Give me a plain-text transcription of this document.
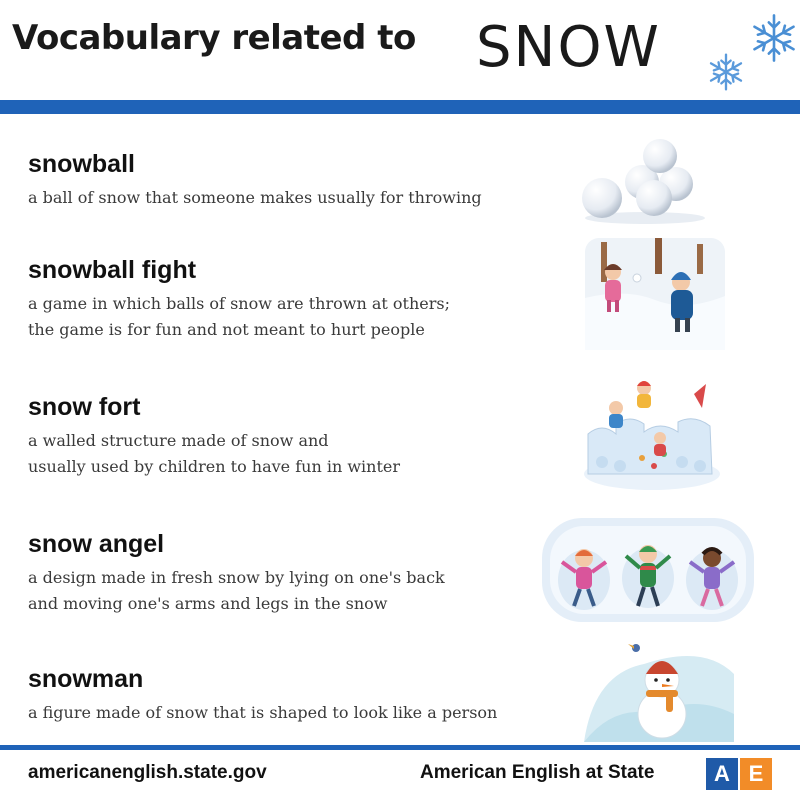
Vocabulary related to SNOW
snowball
a ball of snow that someone makes usually for throwing
snowball fight
a game in which balls of snow are thrown at others;
the game is for fun and not meant to hurt people
snow fort
a walled structure made of snow and
usually used by children to have fun in winter
snow angel
a design made in fresh snow by lying on one's back
and moving one's arms and legs in the snow
snowman
a figure made of snow that is shaped to look like a person
americanenglish.state.gov	American English at State	A E
